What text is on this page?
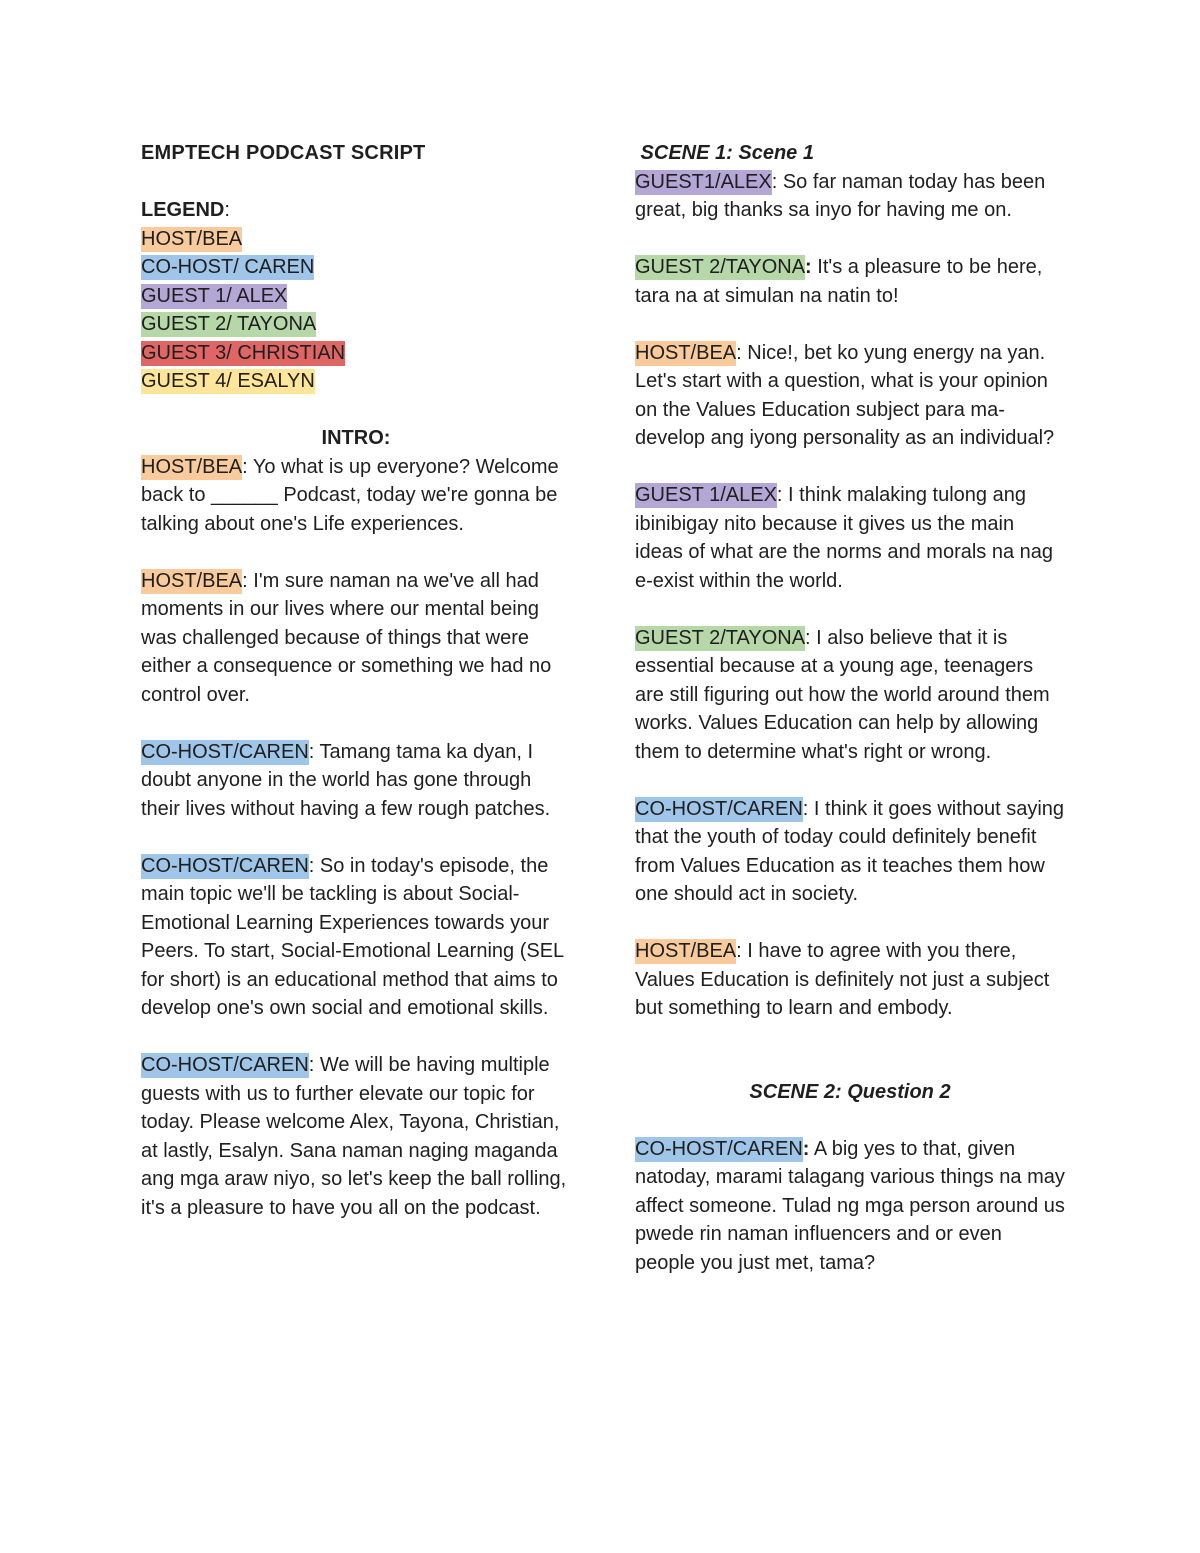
EMPTECH PODCAST SCRIPT

LEGEND:

HOST/BEA

CO-HOST/ CAREN

GUEST 1/ ALEX

GUEST 2/ TAYONA

GUEST 3/ CHRISTIAN

GUEST 4/ ESALYN

INTRO:

HOST/BEA: Yo what is up everyone? Welcome back to ______ Podcast, today we're gonna be talking about one's Life experiences.

HOST/BEA: I'm sure naman na we've all had moments in our lives where our mental being was challenged because of things that were either a consequence or something we had no control over.

CO-HOST/CAREN: Tamang tama ka dyan, I doubt anyone in the world has gone through their lives without having a few rough patches.

CO-HOST/CAREN: So in today's episode, the main topic we'll be tackling is about Social-Emotional Learning Experiences towards your Peers. To start, Social-Emotional Learning (SEL for short) is an educational method that aims to develop one's own social and emotional skills.

CO-HOST/CAREN: We will be having multiple guests with us to further elevate our topic for today. Please welcome Alex, Tayona, Christian, at lastly, Esalyn. Sana naman naging maganda ang mga araw niyo, so let's keep the ball rolling, it's a pleasure to have you all on the podcast.

SCENE 1: Scene 1

GUEST1/ALEX: So far naman today has been great, big thanks sa inyo for having me on.

GUEST 2/TAYONA: It's a pleasure to be here, tara na at simulan na natin to!

HOST/BEA: Nice!, bet ko yung energy na yan. Let's start with a question, what is your opinion on the Values Education subject para ma-develop ang iyong personality as an individual?

GUEST 1/ALEX: I think malaking tulong ang ibinibigay nito because it gives us the main ideas of what are the norms and morals na nag e-exist within the world.

GUEST 2/TAYONA: I also believe that it is essential because at a young age, teenagers are still figuring out how the world around them works. Values Education can help by allowing them to determine what's right or wrong.

CO-HOST/CAREN: I think it goes without saying that the youth of today could definitely benefit from Values Education as it teaches them how one should act in society.

HOST/BEA: I have to agree with you there, Values Education is definitely not just a subject but something to learn and embody.

SCENE 2: Question 2

CO-HOST/CAREN: A big yes to that, given natoday, marami talagang various things na may affect someone. Tulad ng mga person around us pwede rin naman influencers and or even people you just met, tama?
